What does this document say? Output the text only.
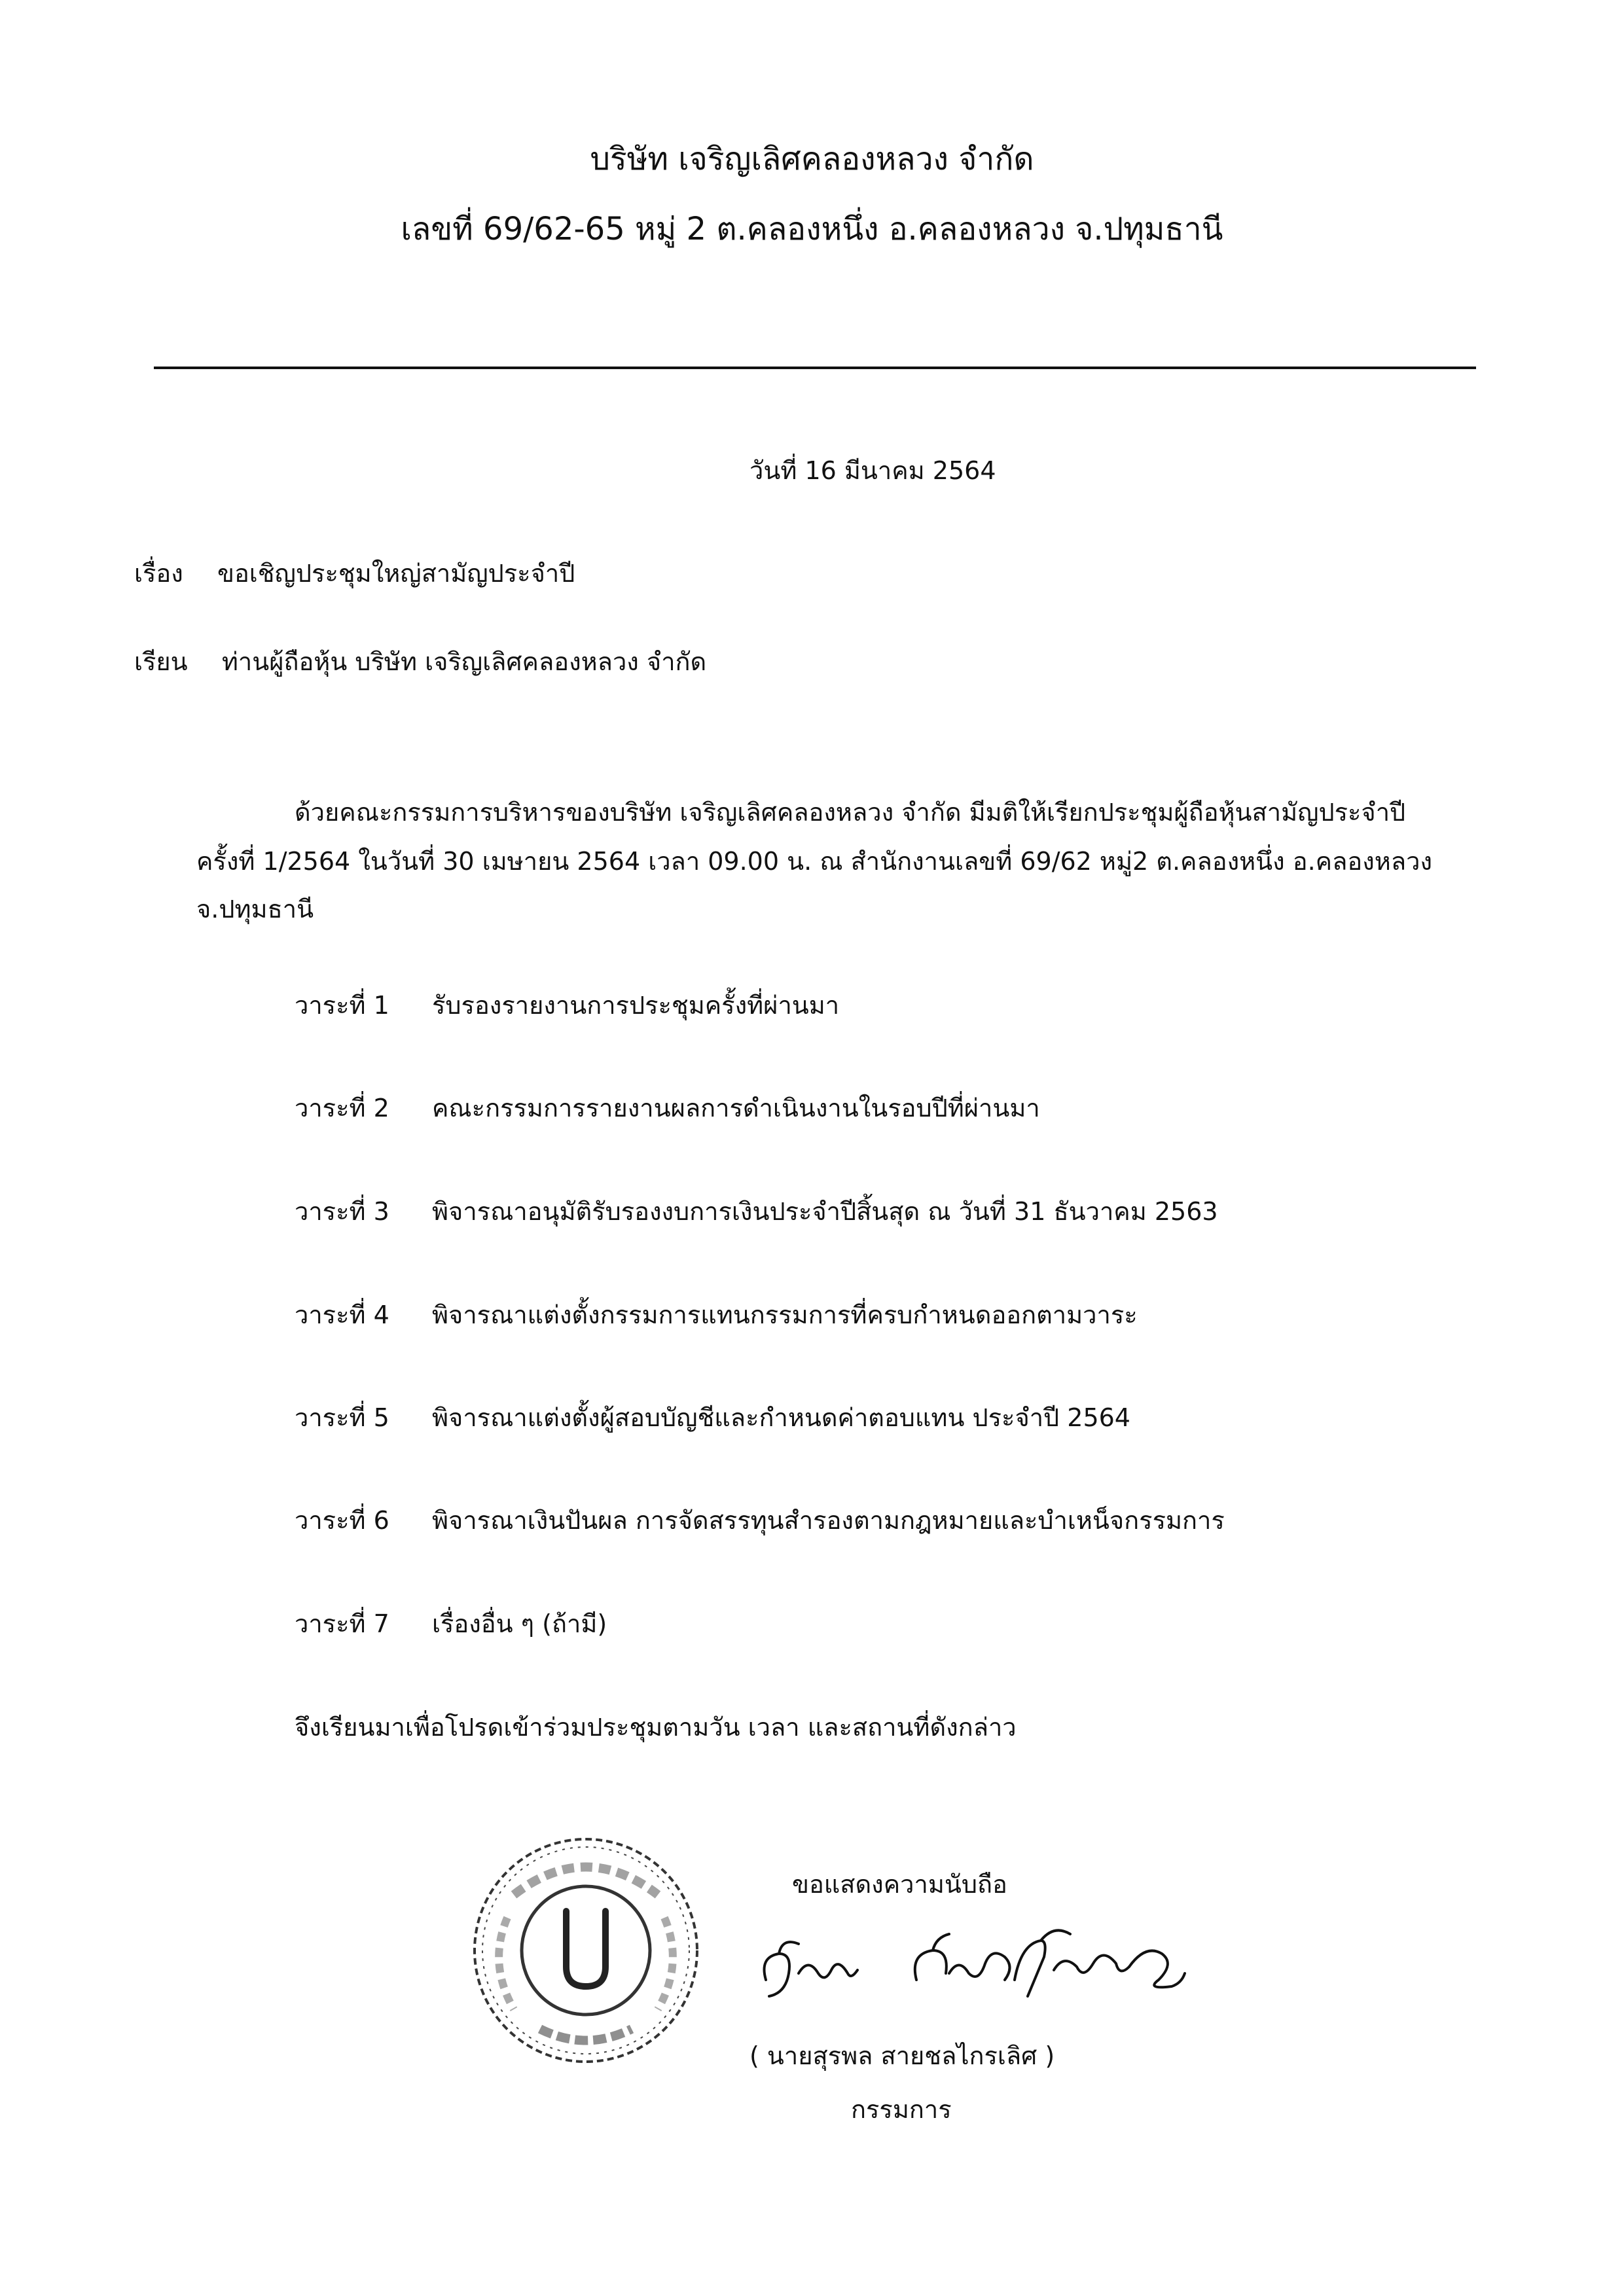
บริษัท เจริญเลิศคลองหลวง จำกัด
เลขที่ 69/62-65 หมู่ 2 ต.คลองหนึ่ง อ.คลองหลวง จ.ปทุมธานี
วันที่ 16 มีนาคม 2564
เรื่อง ขอเชิญประชุมใหญ่สามัญประจำปี
เรียน ท่านผู้ถือหุ้น บริษัท เจริญเลิศคลองหลวง จำกัด
ด้วยคณะกรรมการบริหารของบริษัท เจริญเลิศคลองหลวง จำกัด มีมติให้เรียกประชุมผู้ถือหุ้นสามัญประจำปี
ครั้งที่ 1/2564 ในวันที่ 30 เมษายน 2564 เวลา 09.00 น. ณ สำนักงานเลขที่ 69/62 หมู่2 ต.คลองหนึ่ง อ.คลองหลวง
จ.ปทุมธานี
วาระที่ 1 รับรองรายงานการประชุมครั้งที่ผ่านมา
วาระที่ 2 คณะกรรมการรายงานผลการดำเนินงานในรอบปีที่ผ่านมา
วาระที่ 3 พิจารณาอนุมัติรับรองงบการเงินประจำปีสิ้นสุด ณ วันที่ 31 ธันวาคม 2563
วาระที่ 4 พิจารณาแต่งตั้งกรรมการแทนกรรมการที่ครบกำหนดออกตามวาระ
วาระที่ 5 พิจารณาแต่งตั้งผู้สอบบัญชีและกำหนดค่าตอบแทน ประจำปี 2564
วาระที่ 6 พิจารณาเงินปันผล การจัดสรรทุนสำรองตามกฎหมายและบำเหน็จกรรมการ
วาระที่ 7 เรื่องอื่น ๆ (ถ้ามี)
จึงเรียนมาเพื่อโปรดเข้าร่วมประชุมตามวัน เวลา และสถานที่ดังกล่าว
ขอแสดงความนับถือ
( นายสุรพล สายชลไกรเลิศ )
กรรมการ
